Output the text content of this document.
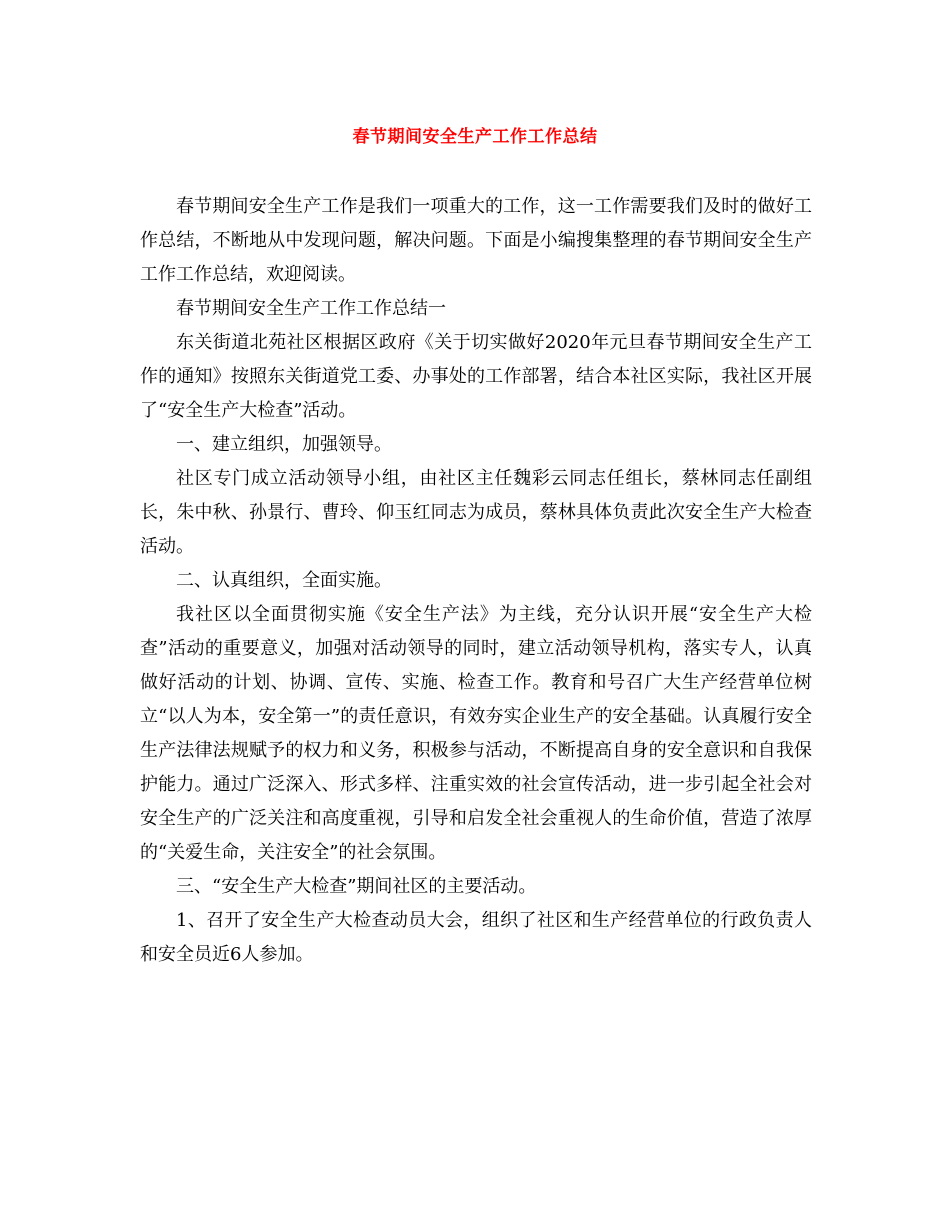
春节期间安全生产工作工作总结

春节期间安全生产工作是我们一项重大的工作，这一工作需要我们及时的做好工作总结，不断地从中发现问题，解决问题。下面是小编搜集整理的春节期间安全生产工作工作总结，欢迎阅读。

春节期间安全生产工作工作总结一

东关街道北苑社区根据区政府《关于切实做好2020年元旦春节期间安全生产工作的通知》按照东关街道党工委、办事处的工作部署，结合本社区实际，我社区开展了“安全生产大检查”活动。

一、建立组织，加强领导。

社区专门成立活动领导小组，由社区主任魏彩云同志任组长，蔡林同志任副组长，朱中秋、孙景行、曹玲、仰玉红同志为成员，蔡林具体负责此次安全生产大检查活动。

二、认真组织，全面实施。

我社区以全面贯彻实施《安全生产法》为主线，充分认识开展“安全生产大检查”活动的重要意义，加强对活动领导的同时，建立活动领导机构，落实专人，认真做好活动的计划、协调、宣传、实施、检查工作。教育和号召广大生产经营单位树立“以人为本，安全第一”的责任意识，有效夯实企业生产的安全基础。认真履行安全生产法律法规赋予的权力和义务，积极参与活动，不断提高自身的安全意识和自我保护能力。通过广泛深入、形式多样、注重实效的社会宣传活动，进一步引起全社会对安全生产的广泛关注和高度重视，引导和启发全社会重视人的生命价值，营造了浓厚的“关爱生命，关注安全”的社会氛围。

三、“安全生产大检查”期间社区的主要活动。

1、召开了安全生产大检查动员大会，组织了社区和生产经营单位的行政负责人和安全员近6人参加。
